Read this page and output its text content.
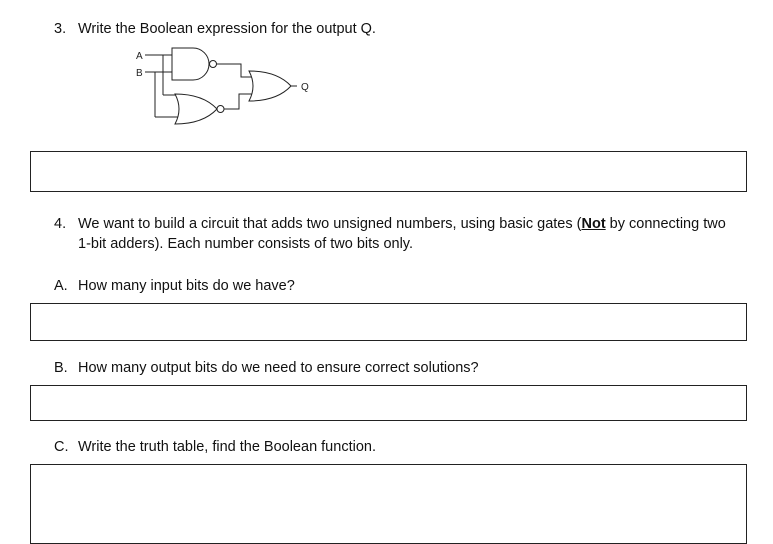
3. Write the Boolean expression for the output Q.
A
B
Q
4. We want to build a circuit that adds two unsigned numbers, using basic gates (Not by connecting two
1-bit adders). Each number consists of two bits only.
A. How many input bits do we have?
B. How many output bits do we need to ensure correct solutions?
C. Write the truth table, find the Boolean function.
